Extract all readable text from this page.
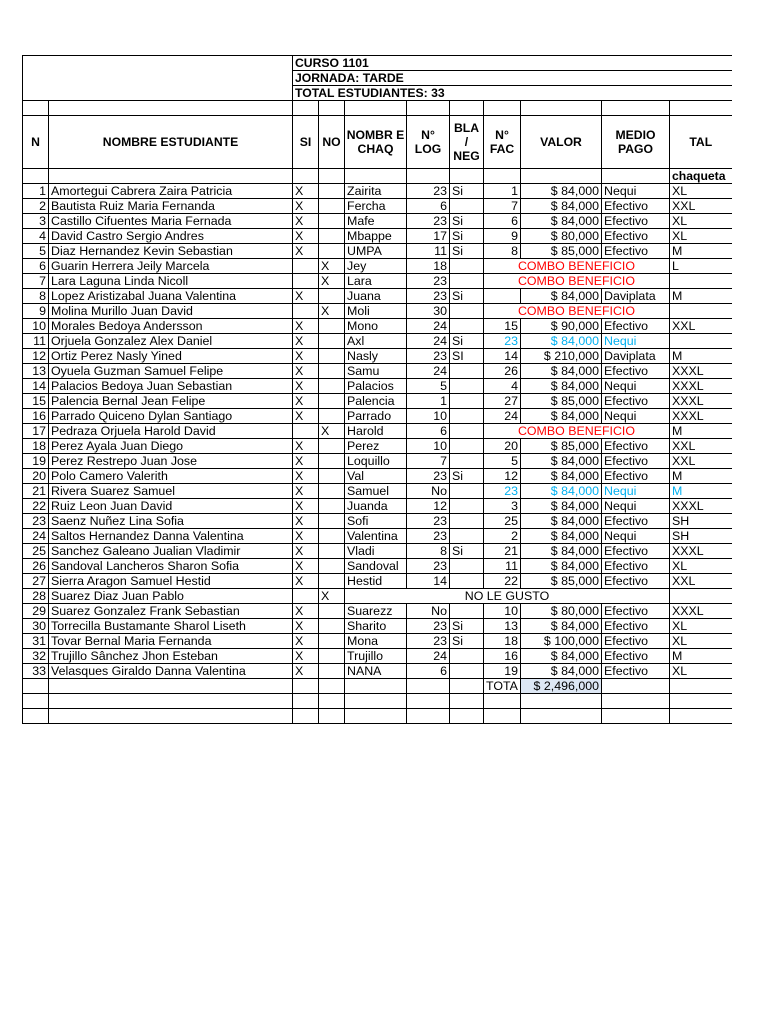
		CURSO 1101								
		JORNADA: TARDE								
		TOTAL ESTUDIANTES: 33								

N	NOMBRE ESTUDIANTE	SI	NO	NOMBR E CHAQ	N° LOG	BLA / NEG	N° FAC	VALOR	MEDIO PAGO	TAL
										chaqueta
1	Amortegui Cabrera Zaira Patricia	X		Zairita	23	Si	1	$ 84,000	Nequi	XL
2	Bautista Ruiz Maria Fernanda	X		Fercha	6		7	$ 84,000	Efectivo	XXL
3	Castillo Cifuentes Maria Fernada	X		Mafe	23	Si	6	$ 84,000	Efectivo	XL
4	David Castro Sergio Andres	X		Mbappe	17	Si	9	$ 80,000	Efectivo	XL
5	Diaz Hernandez Kevin Sebastian	X		UMPA	11	Si	8	$ 85,000	Efectivo	M
6	Guarin Herrera Jeily Marcela		X	Jey	18		COMBO BENEFICIO			L
7	Lara Laguna Linda Nicoll		X	Lara	23		COMBO BENEFICIO			
8	Lopez Aristizabal Juana Valentina	X		Juana	23	Si		$ 84,000	Daviplata	M
9	Molina Murillo Juan David		X	Moli	30		COMBO BENEFICIO			
10	Morales Bedoya Andersson	X		Mono	24		15	$ 90,000	Efectivo	XXL
11	Orjuela Gonzalez Alex Daniel	X		Axl	24	Si	23	$ 84,000	Nequi	
12	Ortiz Perez Nasly Yined	X		Nasly	23	SI	14	$ 210,000	Daviplata	M
13	Oyuela Guzman Samuel Felipe	X		Samu	24		26	$ 84,000	Efectivo	XXXL
14	Palacios Bedoya Juan Sebastian	X		Palacios	5		4	$ 84,000	Nequi	XXXL
15	Palencia Bernal Jean Felipe	X		Palencia	1		27	$ 85,000	Efectivo	XXXL
16	Parrado Quiceno Dylan Santiago	X		Parrado	10		24	$ 84,000	Nequi	XXXL
17	Pedraza Orjuela Harold David		X	Harold	6		COMBO BENEFICIO			M
18	Perez Ayala Juan Diego	X		Perez	10		20	$ 85,000	Efectivo	XXL
19	Perez Restrepo Juan Jose	X		Loquillo	7		5	$ 84,000	Efectivo	XXL
20	Polo Camero Valerith	X		Val	23	Si	12	$ 84,000	Efectivo	M
21	Rivera Suarez Samuel	X		Samuel	No		23	$ 84,000	Nequi	M
22	Ruiz Leon Juan David	X		Juanda	12		3	$ 84,000	Nequi	XXXL
23	Saenz Nuñez Lina Sofia	X		Sofi	23		25	$ 84,000	Efectivo	SH
24	Saltos Hernandez Danna Valentina	X		Valentina	23		2	$ 84,000	Nequi	SH
25	Sanchez Galeano Jualian Vladimir	X		Vladi	8	Si	21	$ 84,000	Efectivo	XXXL
26	Sandoval Lancheros Sharon Sofia	X		Sandoval	23		11	$ 84,000	Efectivo	XL
27	Sierra Aragon Samuel Hestid	X		Hestid	14		22	$ 85,000	Efectivo	XXL
28	Suarez Diaz Juan Pablo		X	NO LE GUSTO						
29	Suarez Gonzalez Frank Sebastian	X		Suarezz	No		10	$ 80,000	Efectivo	XXXL
30	Torrecilla Bustamante Sharol Liseth	X		Sharito	23	Si	13	$ 84,000	Efectivo	XL
31	Tovar Bernal Maria Fernanda	X		Mona	23	Si	18	$ 100,000	Efectivo	XL
32	Trujillo Sânchez Jhon Esteban	X		Trujillo	24		16	$ 84,000	Efectivo	M
33	Velasques Giraldo Danna Valentina	X		NANA	6		19	$ 84,000	Efectivo	XL
							TOTA	$ 2,496,000		
